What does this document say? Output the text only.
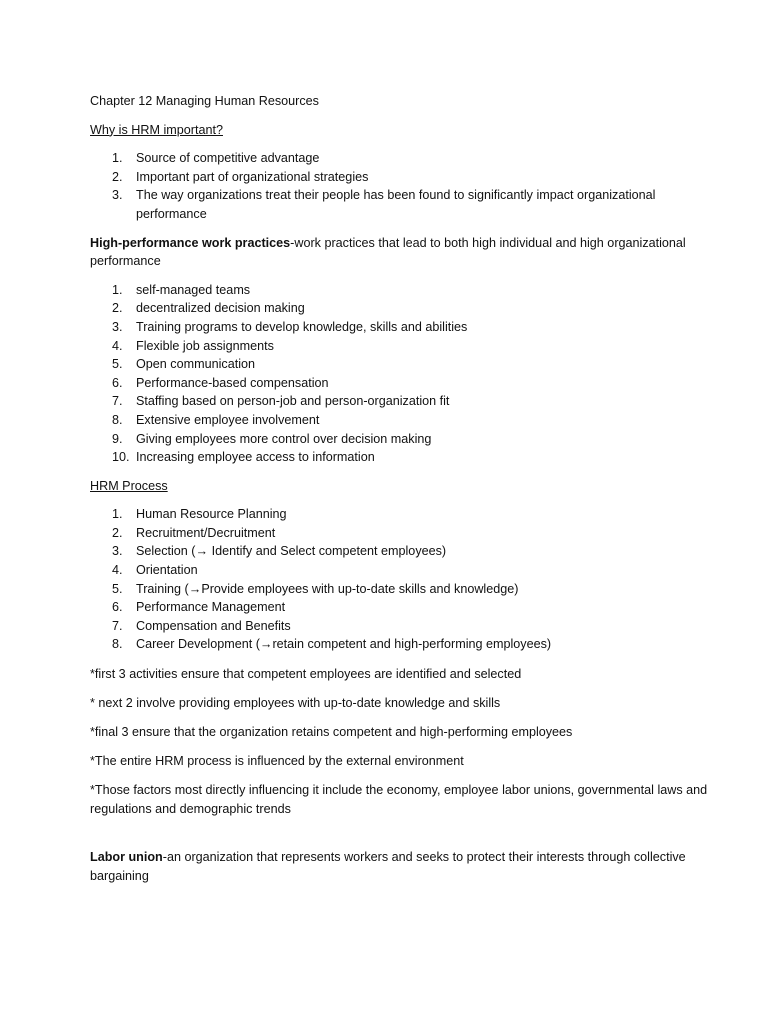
Chapter 12 Managing Human Resources

Why is HRM important?

1. Source of competitive advantage
2. Important part of organizational strategies
3. The way organizations treat their people has been found to significantly impact organizational performance

High-performance work practices-work practices that lead to both high individual and high organizational performance

1. self-managed teams
2. decentralized decision making
3. Training programs to develop knowledge, skills and abilities
4. Flexible job assignments
5. Open communication
6. Performance-based compensation
7. Staffing based on person-job and person-organization fit
8. Extensive employee involvement
9. Giving employees more control over decision making
10. Increasing employee access to information

HRM Process

1. Human Resource Planning
2. Recruitment/Decruitment
3. Selection (→ Identify and Select competent employees)
4. Orientation
5. Training (→Provide employees with up-to-date skills and knowledge)
6. Performance Management
7. Compensation and Benefits
8. Career Development (→retain competent and high-performing employees)

*first 3 activities ensure that competent employees are identified and selected

* next 2 involve providing employees with up-to-date knowledge and skills

*final 3 ensure that the organization retains competent and high-performing employees

*The entire HRM process is influenced by the external environment

*Those factors most directly influencing it include the economy, employee labor unions, governmental laws and regulations and demographic trends

Labor union-an organization that represents workers and seeks to protect their interests through collective bargaining
